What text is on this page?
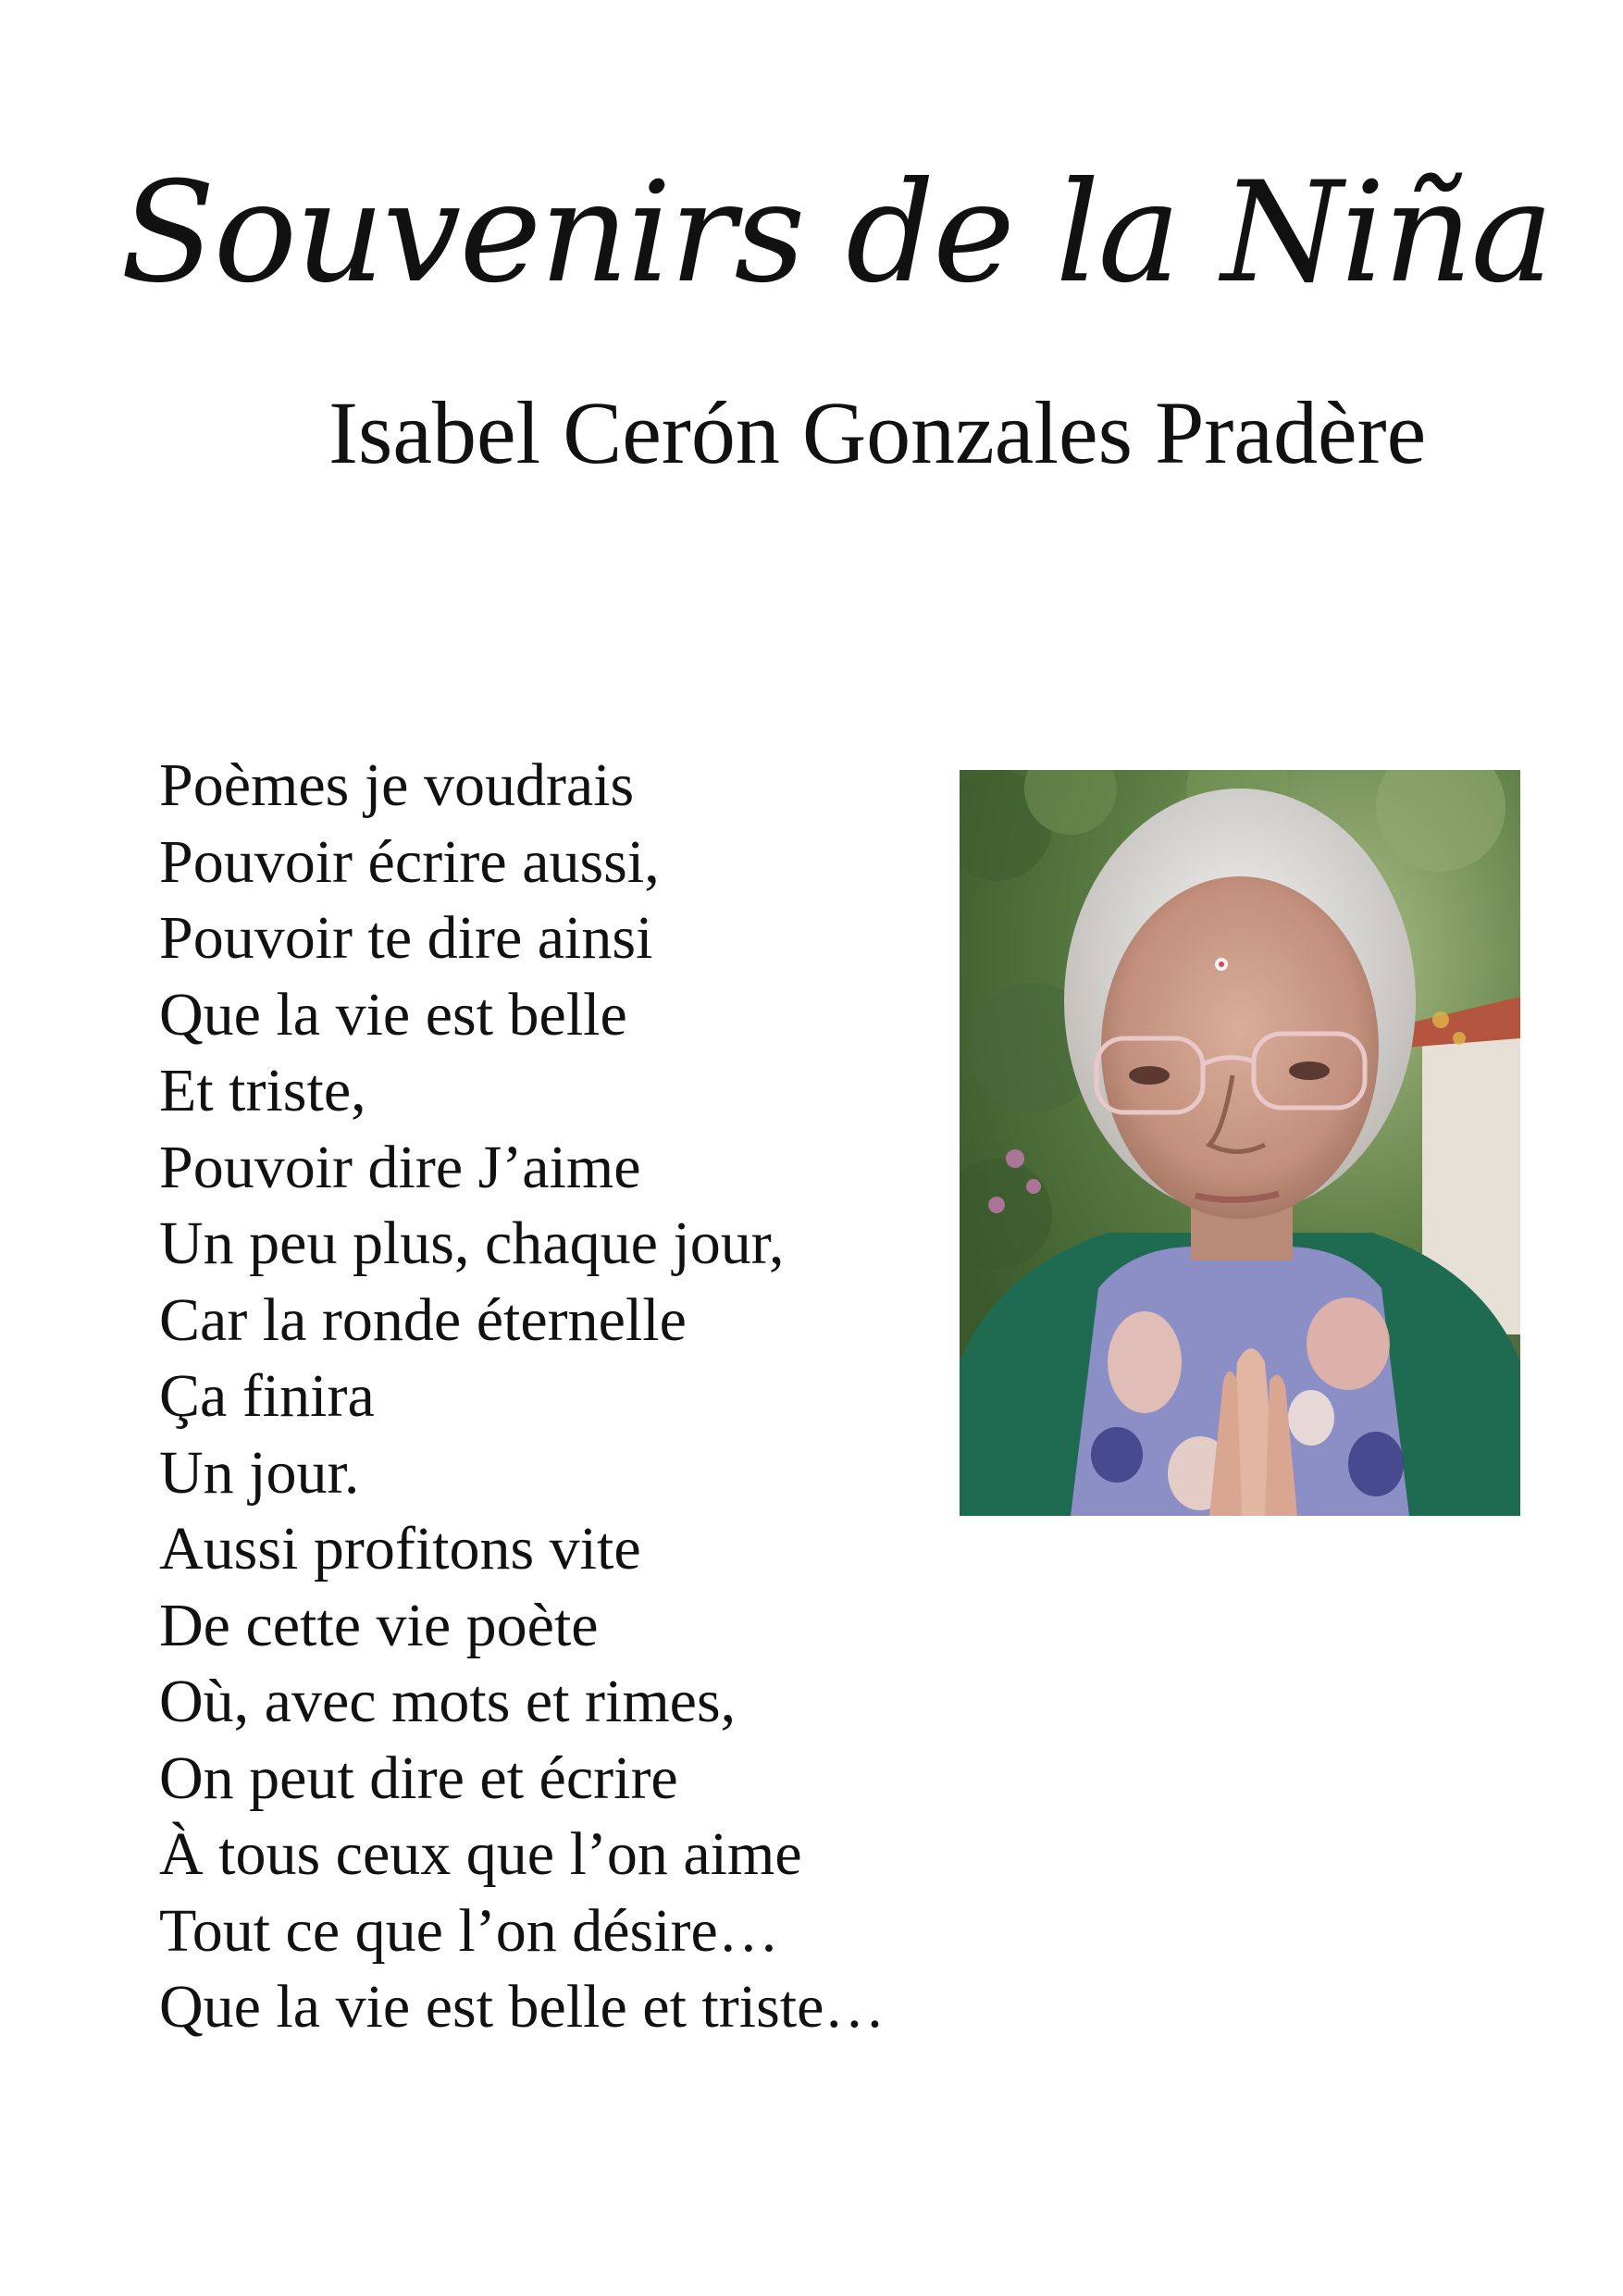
Souvenirs de la Niña
Isabel Cerón Gonzales Pradère
Poèmes je voudrais
Pouvoir écrire aussi,
Pouvoir te dire ainsi
Que la vie est belle
Et triste,
Pouvoir dire J’aime
Un peu plus, chaque jour,
Car la ronde éternelle
Ça finira
Un jour.
Aussi profitons vite
De cette vie poète
Où, avec mots et rimes,
On peut dire et écrire
À tous ceux que l’on aime
Tout ce que l’on désire…
Que la vie est belle et triste…
